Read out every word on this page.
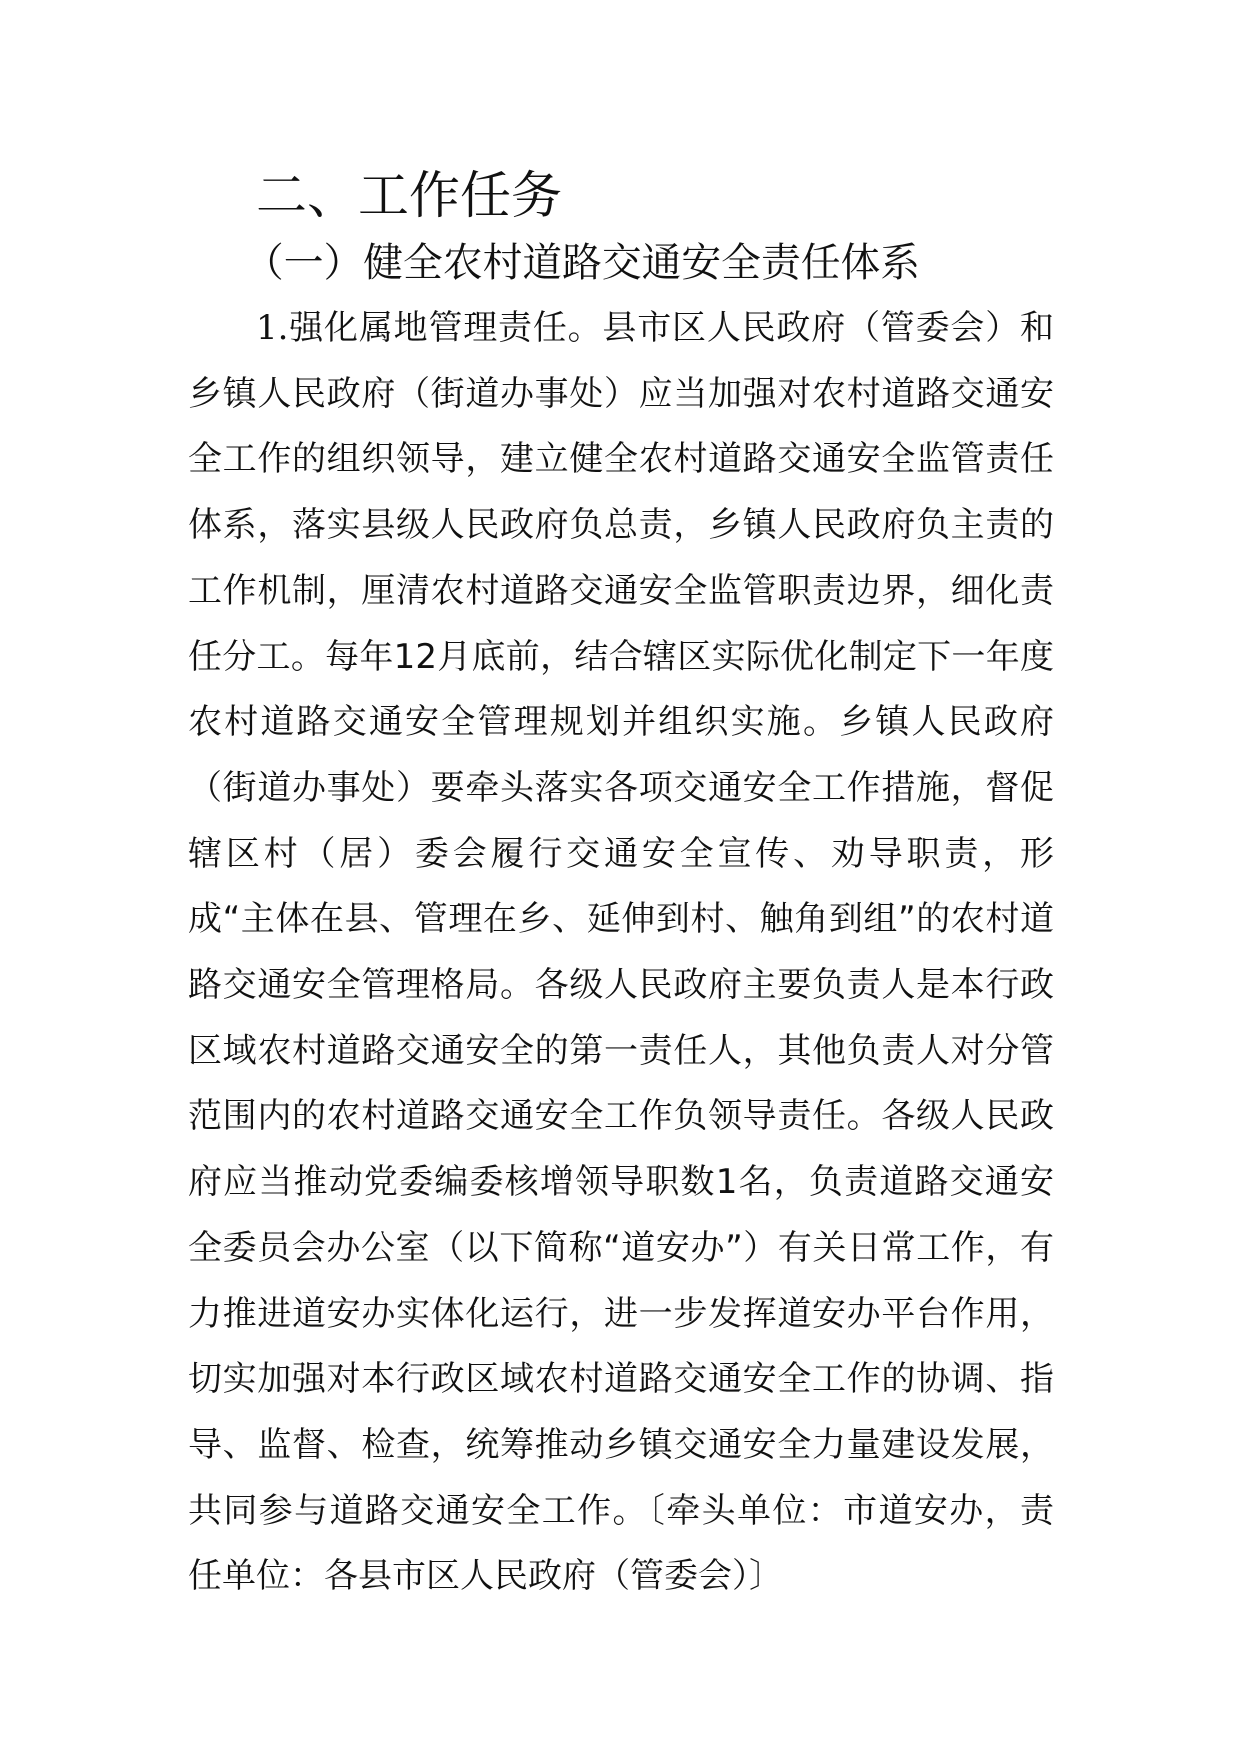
二、工作任务
（一）健全农村道路交通安全责任体系

1.强化属地管理责任。县市区人民政府（管委会）和乡镇人民政府（街道办事处）应当加强对农村道路交通安全工作的组织领导，建立健全农村道路交通安全监管责任体系，落实县级人民政府负总责，乡镇人民政府负主责的工作机制，厘清农村道路交通安全监管职责边界，细化责任分工。每年12月底前，结合辖区实际优化制定下一年度农村道路交通安全管理规划并组织实施。乡镇人民政府（街道办事处）要牵头落实各项交通安全工作措施，督促辖区村（居）委会履行交通安全宣传、劝导职责，形成“主体在县、管理在乡、延伸到村、触角到组”的农村道路交通安全管理格局。各级人民政府主要负责人是本行政区域农村道路交通安全的第一责任人，其他负责人对分管范围内的农村道路交通安全工作负领导责任。各级人民政府应当推动党委编委核增领导职数1名，负责道路交通安全委员会办公室（以下简称“道安办”）有关日常工作，有力推进道安办实体化运行，进一步发挥道安办平台作用，切实加强对本行政区域农村道路交通安全工作的协调、指导、监督、检查，统筹推动乡镇交通安全力量建设发展，共同参与道路交通安全工作。〔牵头单位：市道安办，责任单位：各县市区人民政府（管委会）〕
